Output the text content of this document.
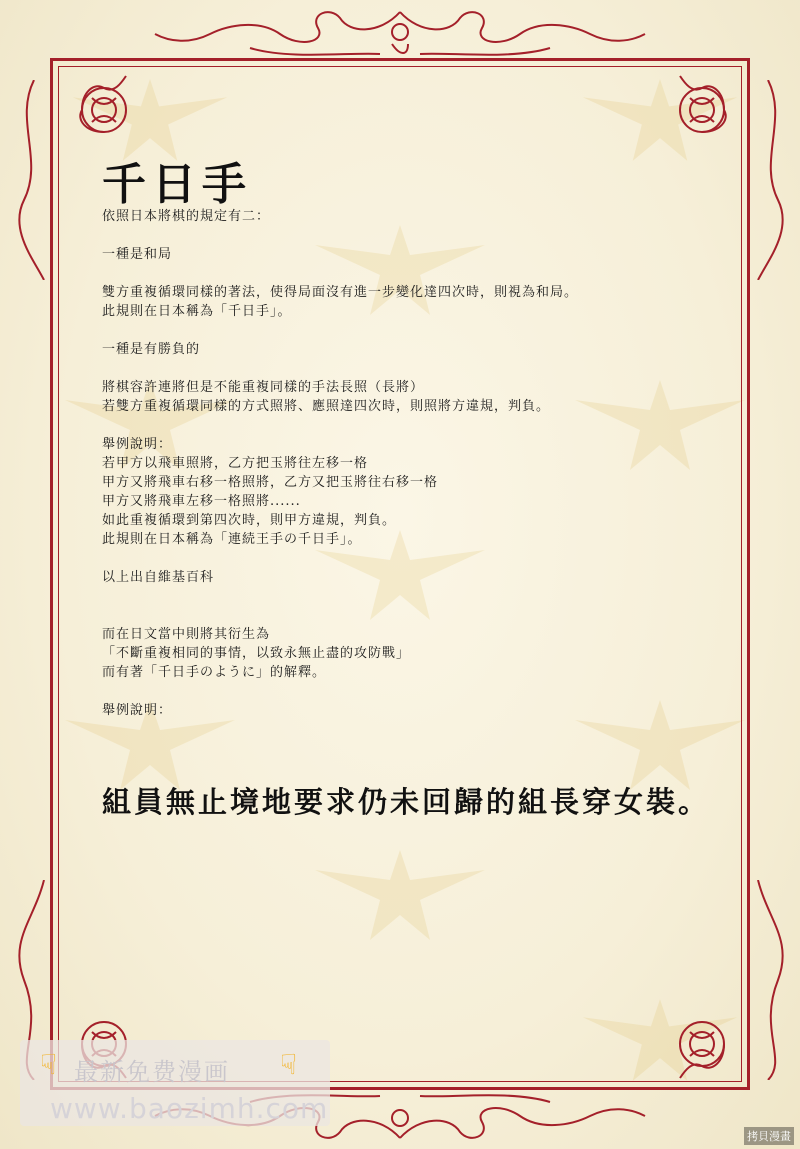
千日手
依照日本將棋的規定有二：
一種是和局
雙方重複循環同樣的著法，使得局面沒有進一步變化達四次時，則視為和局。
此規則在日本稱為「千日手」。
一種是有勝負的
將棋容許連將但是不能重複同樣的手法長照（長將）
若雙方重複循環同樣的方式照將、應照達四次時，則照將方違規，判負。
舉例說明：
若甲方以飛車照將，乙方把玉將往左移一格
甲方又將飛車右移一格照將，乙方又把玉將往右移一格
甲方又將飛車左移一格照將......
如此重複循環到第四次時，則甲方違規，判負。
此規則在日本稱為「連続王手の千日手」。
以上出自維基百科
而在日文當中則將其衍生為
「不斷重複相同的事情，以致永無止盡的攻防戰」
而有著「千日手のように」的解釋。
舉例說明：
組員無止境地要求仍未回歸的組長穿女裝。
☟ 最新免费漫画 ☟
www.baozimh.com
拷貝漫畫
